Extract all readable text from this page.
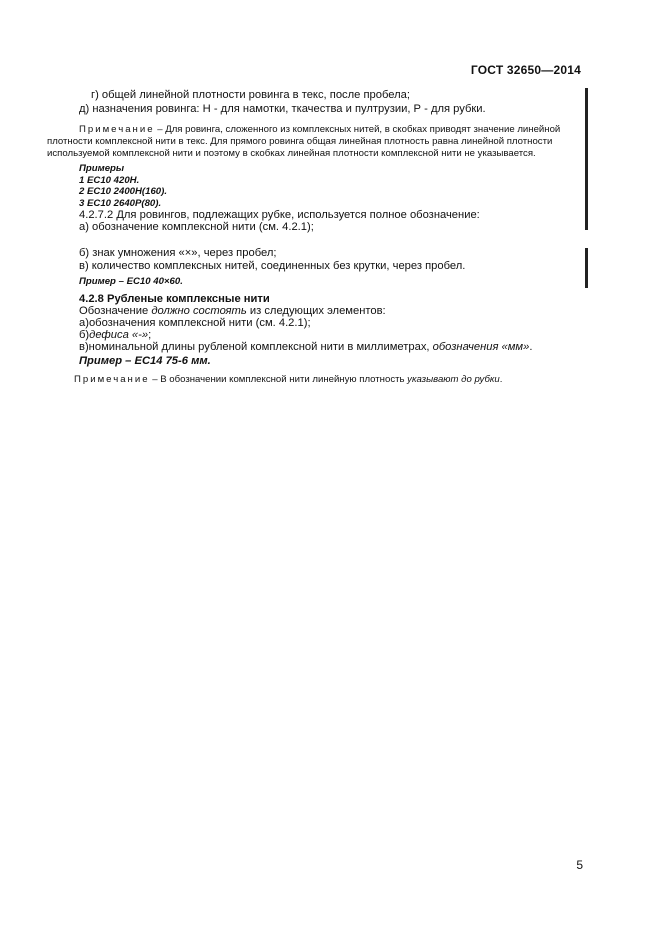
ГОСТ 32650—2014
г) общей линейной плотности ровинга в текс, после пробела;
д) назначения ровинга: Н - для намотки, ткачества и пултрузии, Р - для рубки.
Примечание – Для ровинга, сложенного из комплексных нитей, в скобках приводят значение линейной
плотности комплексной нити в текс. Для прямого ровинга общая линейная плотность равна линейной плотности
используемой комплексной нити и поэтому в скобках линейная плотности комплексной нити не указывается.
Примеры
1 ЕС10 420Н.
2 ЕС10 2400Н(160).
3 ЕС10 2640Р(80).
4.2.7.2 Для ровингов, подлежащих рубке, используется полное обозначение:
а) обозначение комплексной нити (см. 4.2.1);
б) знак умножения «×», через пробел;
в) количество комплексных нитей, соединенных без крутки, через пробел.
Пример – ЕС10 40×60.
4.2.8 Рубленые комплексные нити
Обозначение должно состоять из следующих элементов:
а)обозначения комплексной нити (см. 4.2.1);
б)дефиса «-»;
в)номинальной длины рубленой комплексной нити в миллиметрах, обозначения «мм».
Пример – ЕС14 75-6 мм.
Примечание – В обозначении комплексной нити линейную плотность указывают до рубки.
5
